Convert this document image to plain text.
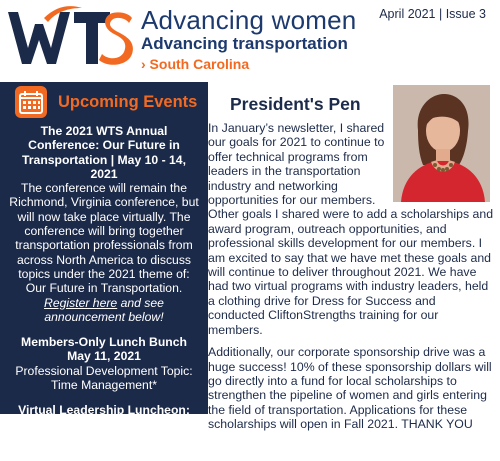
Advancing women
Advancing transportation
› South Carolina
April 2021 | Issue 3
Upcoming Events
The 2021 WTS Annual Conference: Our Future in Transportation | May 10 - 14, 2021
The conference will remain the Richmond, Virginia conference, but will now take place virtually. The conference will bring together transportation professionals from across North America to discuss topics under the 2021 theme of: Our Future in Transportation.
Register here and see announcement below!
Members-Only Lunch Bunch May 11, 2021
Professional Development Topic: Time Management*
Virtual Leadership Luncheon: Lowcountry Rapid Transit Project May 18, 2021 | 11:30 AM - 1 PM
President's Pen

In January’s newsletter, I shared our goals for 2021 to continue to offer technical programs from leaders in the transportation industry and networking opportunities for our members.
Other goals I shared were to add a scholarships and award program, outreach opportunities, and professional skills development for our members. I am excited to say that we have met these goals and will continue to deliver throughout 2021. We have had two virtual programs with industry leaders, held a clothing drive for Dress for Success and conducted CliftonStrengths training for our members.

Additionally, our corporate sponsorship drive was a huge success! 10% of these sponsorship dollars will go directly into a fund for local scholarships to strengthen the pipeline of women and girls entering the field of transportation. Applications for these scholarships will open in Fall 2021. THANK YOU
